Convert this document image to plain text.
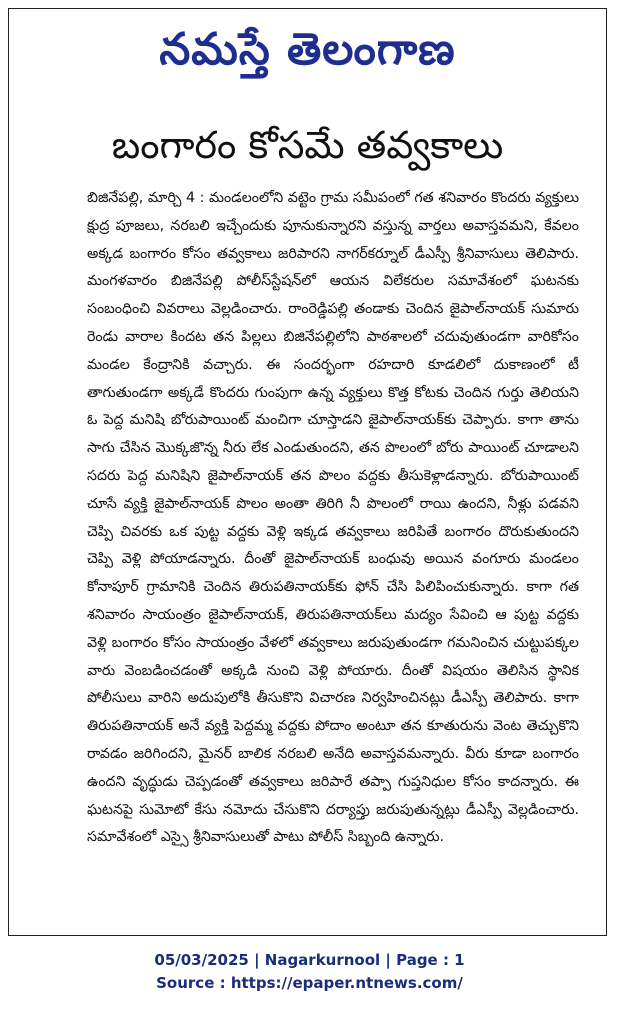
నమస్తే తెలంగాణ
బంగారం కోసమే తవ్వకాలు

బిజినేపల్లి, మార్చి 4 : మండలంలోని వట్టెం గ్రామ సమీపంలో గత శనివారం కొందరు వ్యక్తులు క్షుద్ర పూజలు, నరబలి ఇచ్చేందుకు పూనుకున్నారని వస్తున్న వార్తలు అవాస్తవమని, కేవలం అక్కడ బంగారం కోసం తవ్వకాలు జరిపారని నాగర్‌కర్నూల్ డీఎస్పీ శ్రీనివాసులు తెలిపారు. మంగళవారం బిజినేపల్లి పోలీస్‌స్టేషన్‌లో ఆయన విలేకరుల సమావేశంలో ఘటనకు సంబంధించి వివరాలు వెల్లడించారు. రాంరెడ్డిపల్లి తండాకు చెందిన జైపాల్‌నాయక్ సుమారు రెండు వారాల కిందట తన పిల్లలు బిజినేపల్లిలోని పాఠశాలలో చదువుతుండగా వారికోసం మండల కేంద్రానికి వచ్చారు. ఈ సందర్భంగా రహదారి కూడలిలో దుకాణంలో టీ తాగుతుండగా అక్కడే కొందరు గుంపుగా ఉన్న వ్యక్తులు కొత్త కోటకు చెందిన గుర్తు తెలియని ఓ పెద్ద మనిషి బోరుపాయింట్ మంచిగా చూస్తాడని జైపాల్‌నాయక్‌కు చెప్పారు. కాగా తాను సాగు చేసిన మొక్కజొన్న నీరు లేక ఎండుతుందని, తన పొలంలో బోరు పాయింట్ చూడాలని సదరు పెద్ద మనిషిని జైపాల్‌నాయక్ తన పొలం వద్దకు తీసుకెళ్లాడన్నారు. బోరుపాయింట్ చూసే వ్యక్తి జైపాల్‌నాయక్ పొలం అంతా తిరిగి నీ పొలంలో రాయి ఉందని, నీళ్లు పడవని చెప్పి చివరకు ఒక పుట్ట వద్దకు వెళ్లి ఇక్కడ తవ్వకాలు జరిపితే బంగారం దొరుకుతుందని చెప్పి వెళ్లి పోయాడన్నారు. దీంతో జైపాల్‌నాయక్ బంధువు అయిన వంగూరు మండలం కోనాపూర్ గ్రామానికి చెందిన తిరుపతినాయక్‌కు ఫోన్ చేసి పిలిపించుకున్నారు. కాగా గత శనివారం సాయంత్రం జైపాల్‌నాయక్, తిరుపతినాయక్‌లు మద్యం సేవించి ఆ పుట్ట వద్దకు వెళ్లి బంగారం కోసం సాయంత్రం వేళలో తవ్వకాలు జరుపుతుండగా గమనించిన చుట్టుపక్కల వారు వెంబడించడంతో అక్కడి నుంచి వెళ్లి పోయారు. దీంతో విషయం తెలిసిన స్థానిక పోలీసులు వారిని అదుపులోకి తీసుకొని విచారణ నిర్వహించినట్లు డీఎస్పీ తెలిపారు. కాగా తిరుపతినాయక్ అనే వ్యక్తి పెద్దమ్మ వద్దకు పోదాం అంటూ తన కూతురును వెంట తెచ్చుకొని రావడం జరిగిందని, మైనర్ బాలిక నరబలి అనేది అవాస్తవమన్నారు. వీరు కూడా బంగారం ఉందని వృద్ధుడు చెప్పడంతో తవ్వకాలు జరిపారే తప్పా గుప్తనిధుల కోసం కాదన్నారు. ఈ ఘటనపై సుమోటో కేసు నమోదు చేసుకొని దర్యాప్తు జరుపుతున్నట్లు డీఎస్పీ వెల్లడించారు. సమావేశంలో ఎస్సై శ్రీనివాసులుతో పాటు పోలీస్ సిబ్బంది ఉన్నారు.

05/03/2025 | Nagarkurnool | Page : 1
Source : https://epaper.ntnews.com/
